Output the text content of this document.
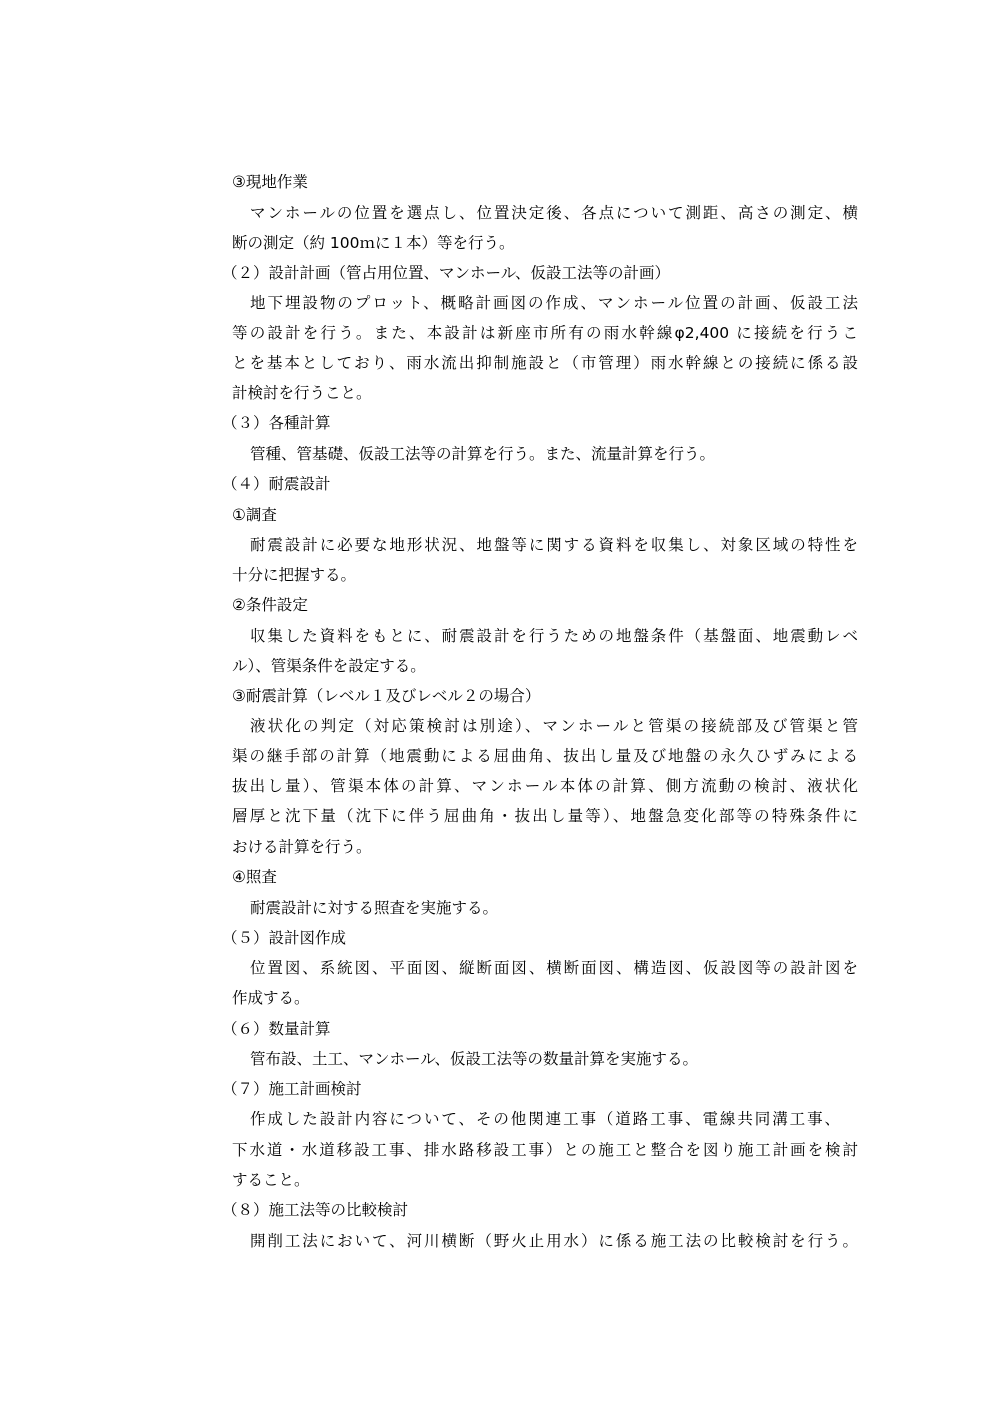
③現地作業
マンホールの位置を選点し、位置決定後、各点について測距、高さの測定、横
断の測定（約 100ｍに１本）等を行う。
（２）設計計画（管占用位置、マンホール、仮設工法等の計画）
地下埋設物のプロット、概略計画図の作成、マンホール位置の計画、仮設工法
等の設計を行う。また、本設計は新座市所有の雨水幹線φ2,400 に接続を行うこ
とを基本としており、雨水流出抑制施設と（市管理）雨水幹線との接続に係る設
計検討を行うこと。
（３）各種計算
管種、管基礎、仮設工法等の計算を行う。また、流量計算を行う。
（４）耐震設計
①調査
耐震設計に必要な地形状況、地盤等に関する資料を収集し、対象区域の特性を
十分に把握する。
②条件設定
収集した資料をもとに、耐震設計を行うための地盤条件（基盤面、地震動レベ
ル）、管渠条件を設定する。
③耐震計算（レベル１及びレベル２の場合）
液状化の判定（対応策検討は別途）、マンホールと管渠の接続部及び管渠と管
渠の継手部の計算（地震動による屈曲角、抜出し量及び地盤の永久ひずみによる
抜出し量）、管渠本体の計算、マンホール本体の計算、側方流動の検討、液状化
層厚と沈下量（沈下に伴う屈曲角・抜出し量等）、地盤急変化部等の特殊条件に
おける計算を行う。
④照査
耐震設計に対する照査を実施する。
（５）設計図作成
位置図、系統図、平面図、縦断面図、横断面図、構造図、仮設図等の設計図を
作成する。
（６）数量計算
管布設、土工、マンホール、仮設工法等の数量計算を実施する。
（７）施工計画検討
作成した設計内容について、その他関連工事（道路工事、電線共同溝工事、
下水道・水道移設工事、排水路移設工事）との施工と整合を図り施工計画を検討
すること。
（８）施工法等の比較検討
開削工法において、河川横断（野火止用水）に係る施工法の比較検討を行う。
